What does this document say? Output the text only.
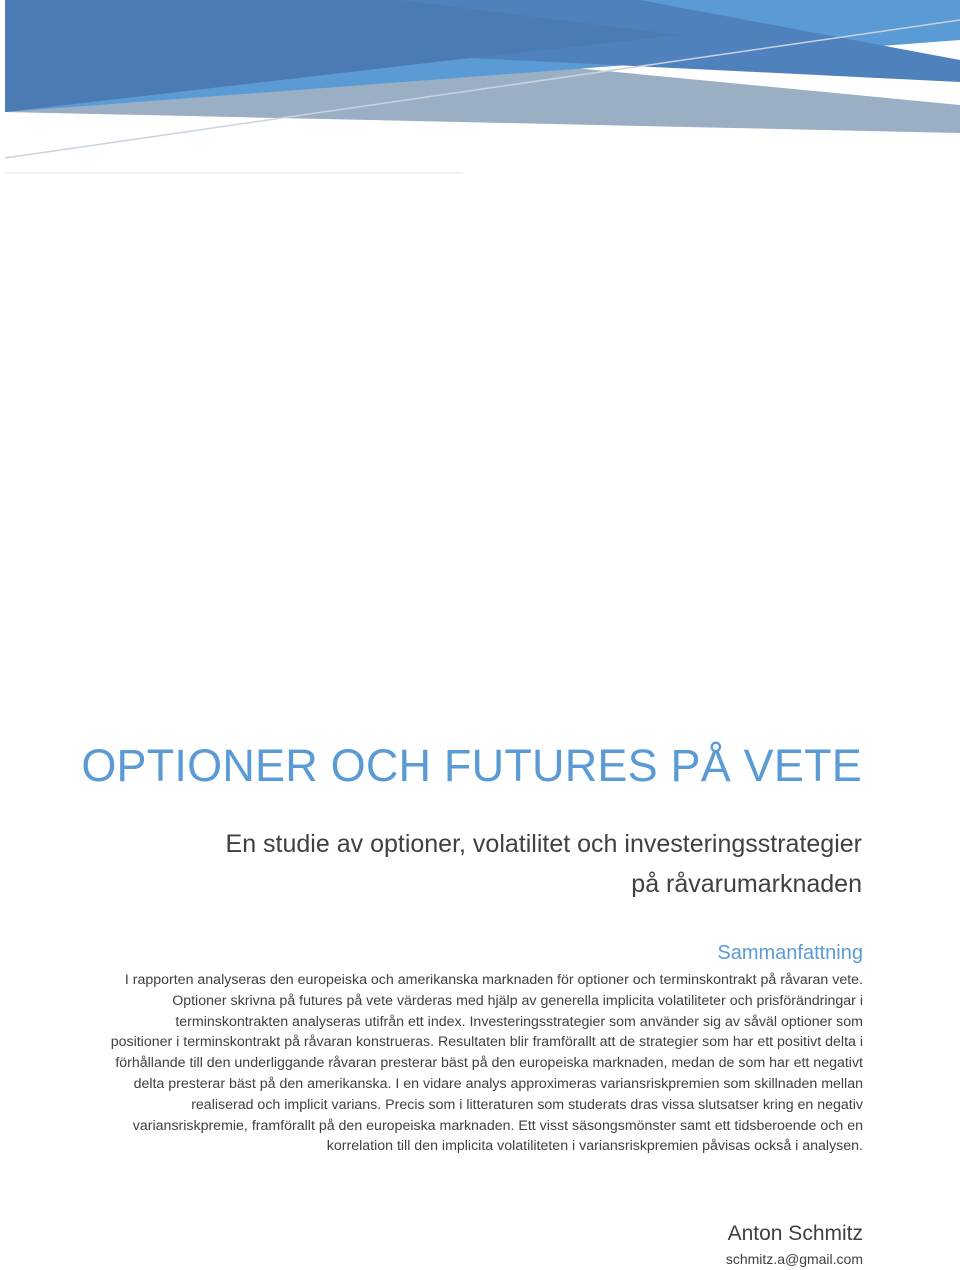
OPTIONER OCH FUTURES PÅ VETE
En studie av optioner, volatilitet och investeringsstrategier på råvarumarknaden
Sammanfattning
I rapporten analyseras den europeiska och amerikanska marknaden för optioner och terminskontrakt på råvaran vete. Optioner skrivna på futures på vete värderas med hjälp av generella implicita volatiliteter och prisförändringar i terminskontrakten analyseras utifrån ett index. Investeringsstrategier som använder sig av såväl optioner som positioner i terminskontrakt på råvaran konstrueras. Resultaten blir framförallt att de strategier som har ett positivt delta i förhållande till den underliggande råvaran presterar bäst på den europeiska marknaden, medan de som har ett negativt delta presterar bäst på den amerikanska. I en vidare analys approximeras variansriskpremien som skillnaden mellan realiserad och implicit varians. Precis som i litteraturen som studerats dras vissa slutsatser kring en negativ variansriskpremie, framförallt på den europeiska marknaden. Ett visst säsongsmönster samt ett tidsberoende och en korrelation till den implicita volatiliteten i variansriskpremien påvisas också i analysen.
Anton Schmitz
schmitz.a@gmail.com
